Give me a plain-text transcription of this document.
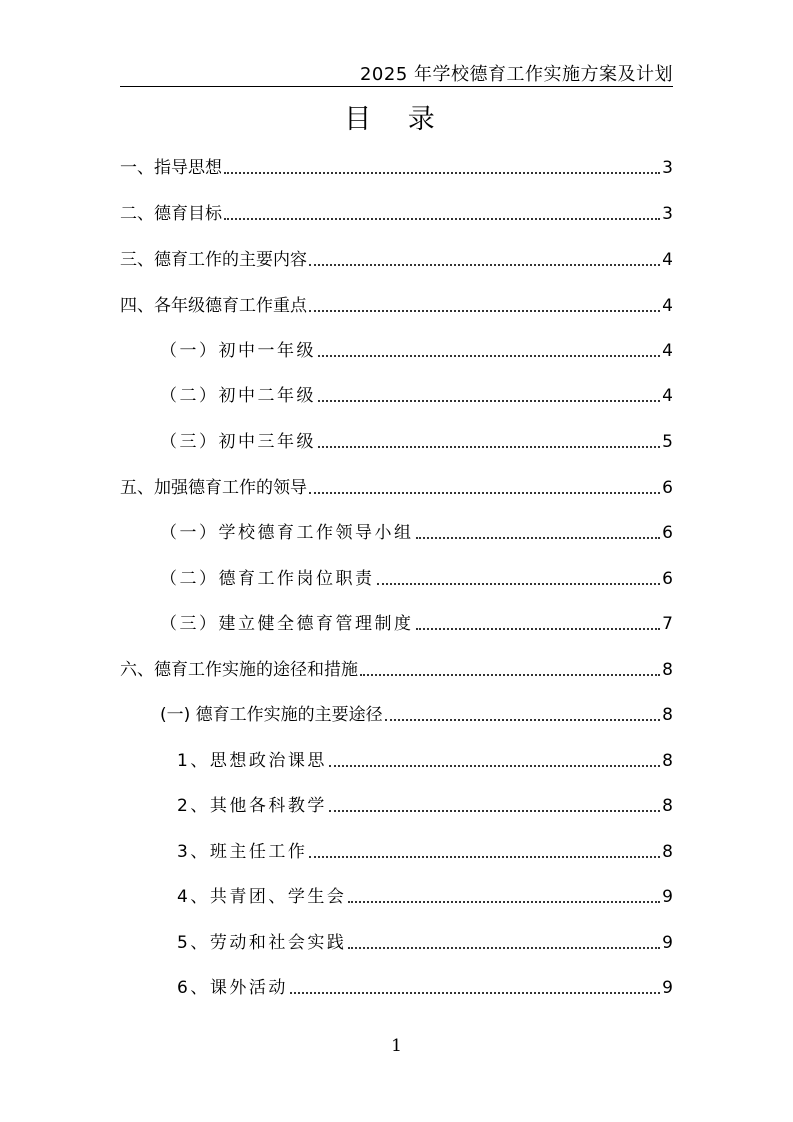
2025 年学校德育工作实施方案及计划
目 录
一、指导思想	3
二、德育目标	3
三、德育工作的主要内容	4
四、各年级德育工作重点	4
（一）初中一年级	4
（二）初中二年级	4
（三）初中三年级	5
五、加强德育工作的领导	6
（一）学校德育工作领导小组	6
（二）德育工作岗位职责	6
（三）建立健全德育管理制度	7
六、德育工作实施的途径和措施	8
(一) 德育工作实施的主要途径	8
1、思想政治课思	8
2、其他各科教学	8
3、班主任工作	8
4、共青团、学生会	9
5、劳动和社会实践	9
6、课外活动	9
1
